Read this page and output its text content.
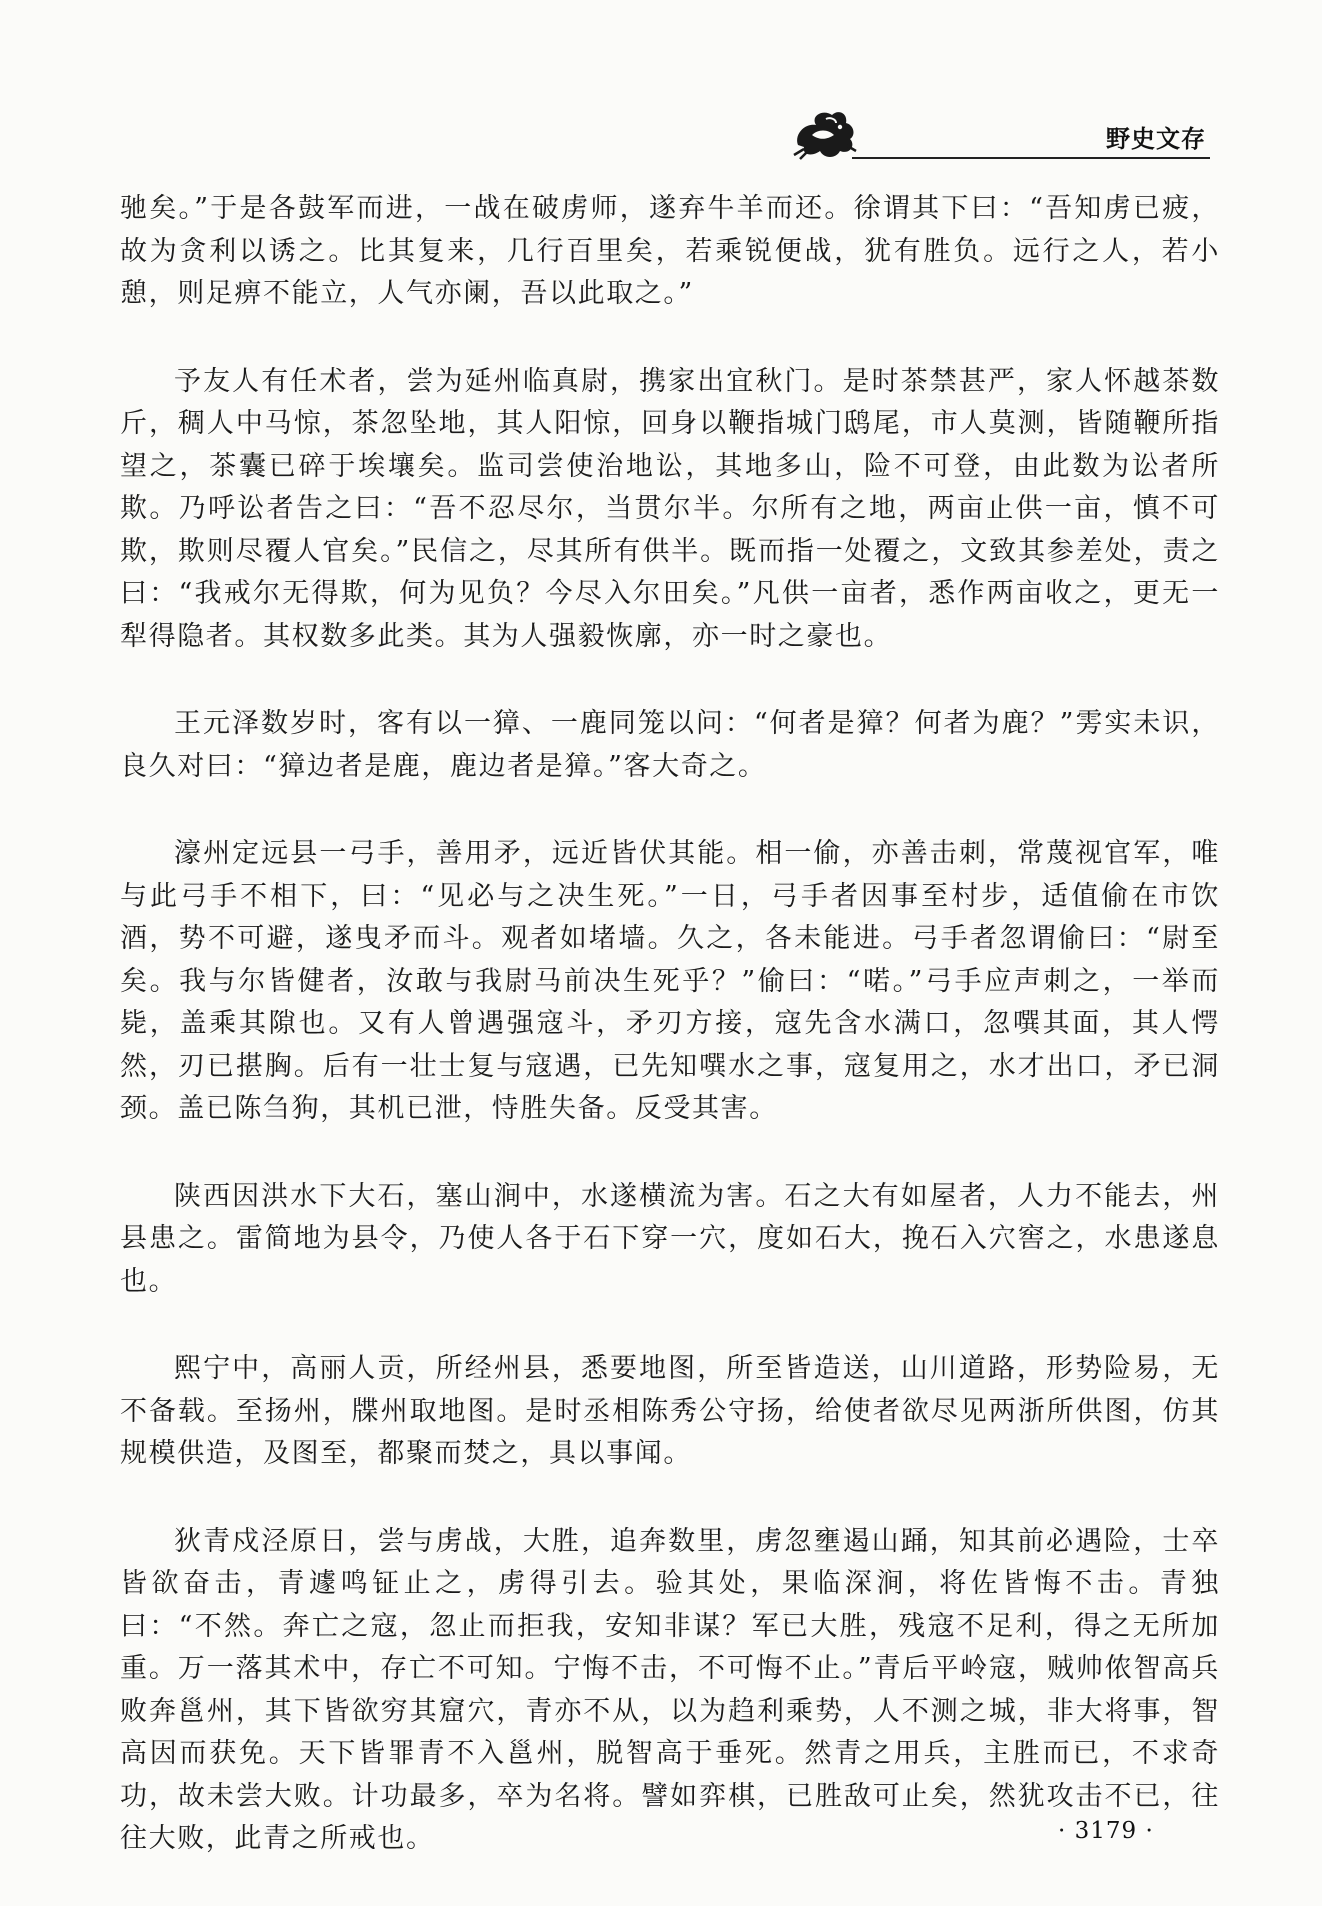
野史文存

驰矣。”于是各鼓军而进，一战在破虏师，遂弃牛羊而还。徐谓其下曰：“吾知虏已疲，故为贪利以诱之。比其复来，几行百里矣，若乘锐便战，犹有胜负。远行之人，若小憩，则足痹不能立，人气亦阑，吾以此取之。”

予友人有任术者，尝为延州临真尉，携家出宜秋门。是时茶禁甚严，家人怀越茶数斤，稠人中马惊，茶忽坠地，其人阳惊，回身以鞭指城门鸱尾，市人莫测，皆随鞭所指望之，茶囊已碎于埃壤矣。监司尝使治地讼，其地多山，险不可登，由此数为讼者所欺。乃呼讼者告之曰：“吾不忍尽尔，当贯尔半。尔所有之地，两亩止供一亩，慎不可欺，欺则尽覆人官矣。”民信之，尽其所有供半。既而指一处覆之，文致其参差处，责之曰：“我戒尔无得欺，何为见负？今尽入尔田矣。”凡供一亩者，悉作两亩收之，更无一犁得隐者。其权数多此类。其为人强毅恢廓，亦一时之豪也。

王元泽数岁时，客有以一獐、一鹿同笼以问：“何者是獐？何者为鹿？”雱实未识，良久对曰：“獐边者是鹿，鹿边者是獐。”客大奇之。

濠州定远县一弓手，善用矛，远近皆伏其能。相一偷，亦善击刺，常蔑视官军，唯与此弓手不相下，曰：“见必与之决生死。”一日，弓手者因事至村步，适值偷在市饮酒，势不可避，遂曳矛而斗。观者如堵墙。久之，各未能进。弓手者忽谓偷曰：“尉至矣。我与尔皆健者，汝敢与我尉马前决生死乎？”偷曰：“喏。”弓手应声刺之，一举而毙，盖乘其隙也。又有人曾遇强寇斗，矛刃方接，寇先含水满口，忽噀其面，其人愕然，刃已揕胸。后有一壮士复与寇遇，已先知噀水之事，寇复用之，水才出口，矛已洞颈。盖已陈刍狗，其机已泄，恃胜失备。反受其害。

陕西因洪水下大石，塞山涧中，水遂横流为害。石之大有如屋者，人力不能去，州县患之。雷简地为县令，乃使人各于石下穿一穴，度如石大，挽石入穴窖之，水患遂息也。

熙宁中，高丽人贡，所经州县，悉要地图，所至皆造送，山川道路，形势险易，无不备载。至扬州，牒州取地图。是时丞相陈秀公守扬，给使者欲尽见两浙所供图，仿其规模供造，及图至，都聚而焚之，具以事闻。

狄青戍泾原日，尝与虏战，大胜，追奔数里，虏忽壅遏山踊，知其前必遇险，士卒皆欲奋击，青遽鸣钲止之，虏得引去。验其处，果临深涧，将佐皆悔不击。青独曰：“不然。奔亡之寇，忽止而拒我，安知非谋？军已大胜，残寇不足利，得之无所加重。万一落其术中，存亡不可知。宁悔不击，不可悔不止。”青后平岭寇，贼帅侬智高兵败奔邕州，其下皆欲穷其窟穴，青亦不从，以为趋利乘势，人不测之城，非大将事，智高因而获免。天下皆罪青不入邕州，脱智高于垂死。然青之用兵，主胜而已，不求奇功，故未尝大败。计功最多，卒为名将。譬如弈棋，已胜敌可止矣，然犹攻击不已，往往大败，此青之所戒也。	· 3179 ·
